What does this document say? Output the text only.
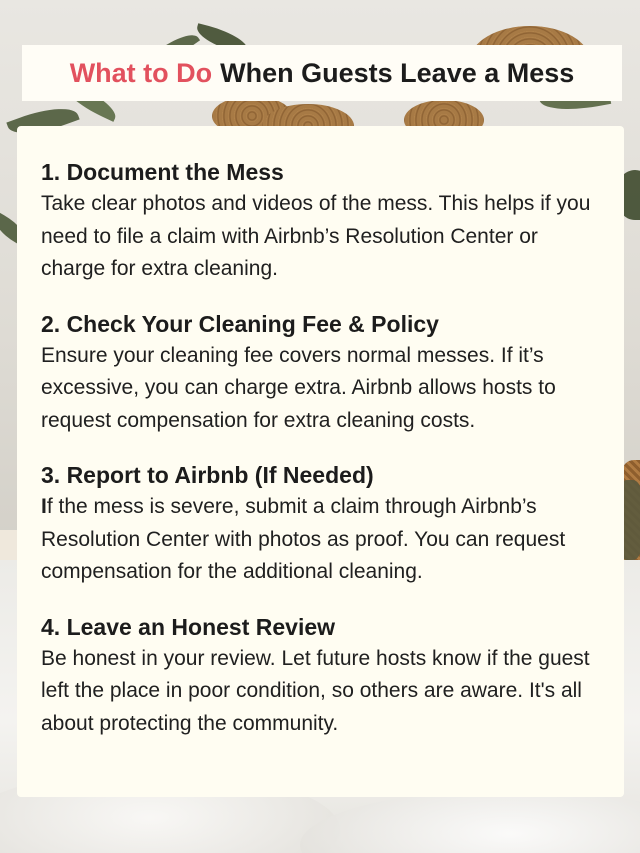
What to Do When Guests Leave a Mess
1. Document the Mess

Take clear photos and videos of the mess. This helps if you need to file a claim with Airbnb’s Resolution Center or charge for extra cleaning.

2. Check Your Cleaning Fee & Policy

Ensure your cleaning fee covers normal messes. If it’s excessive, you can charge extra. Airbnb allows hosts to request compensation for extra cleaning costs.

3. Report to Airbnb (If Needed)

If the mess is severe, submit a claim through Airbnb’s Resolution Center with photos as proof. You can request compensation for the additional cleaning.

4. Leave an Honest Review

Be honest in your review. Let future hosts know if the guest left the place in poor condition, so others are aware. It's all about protecting the community.
